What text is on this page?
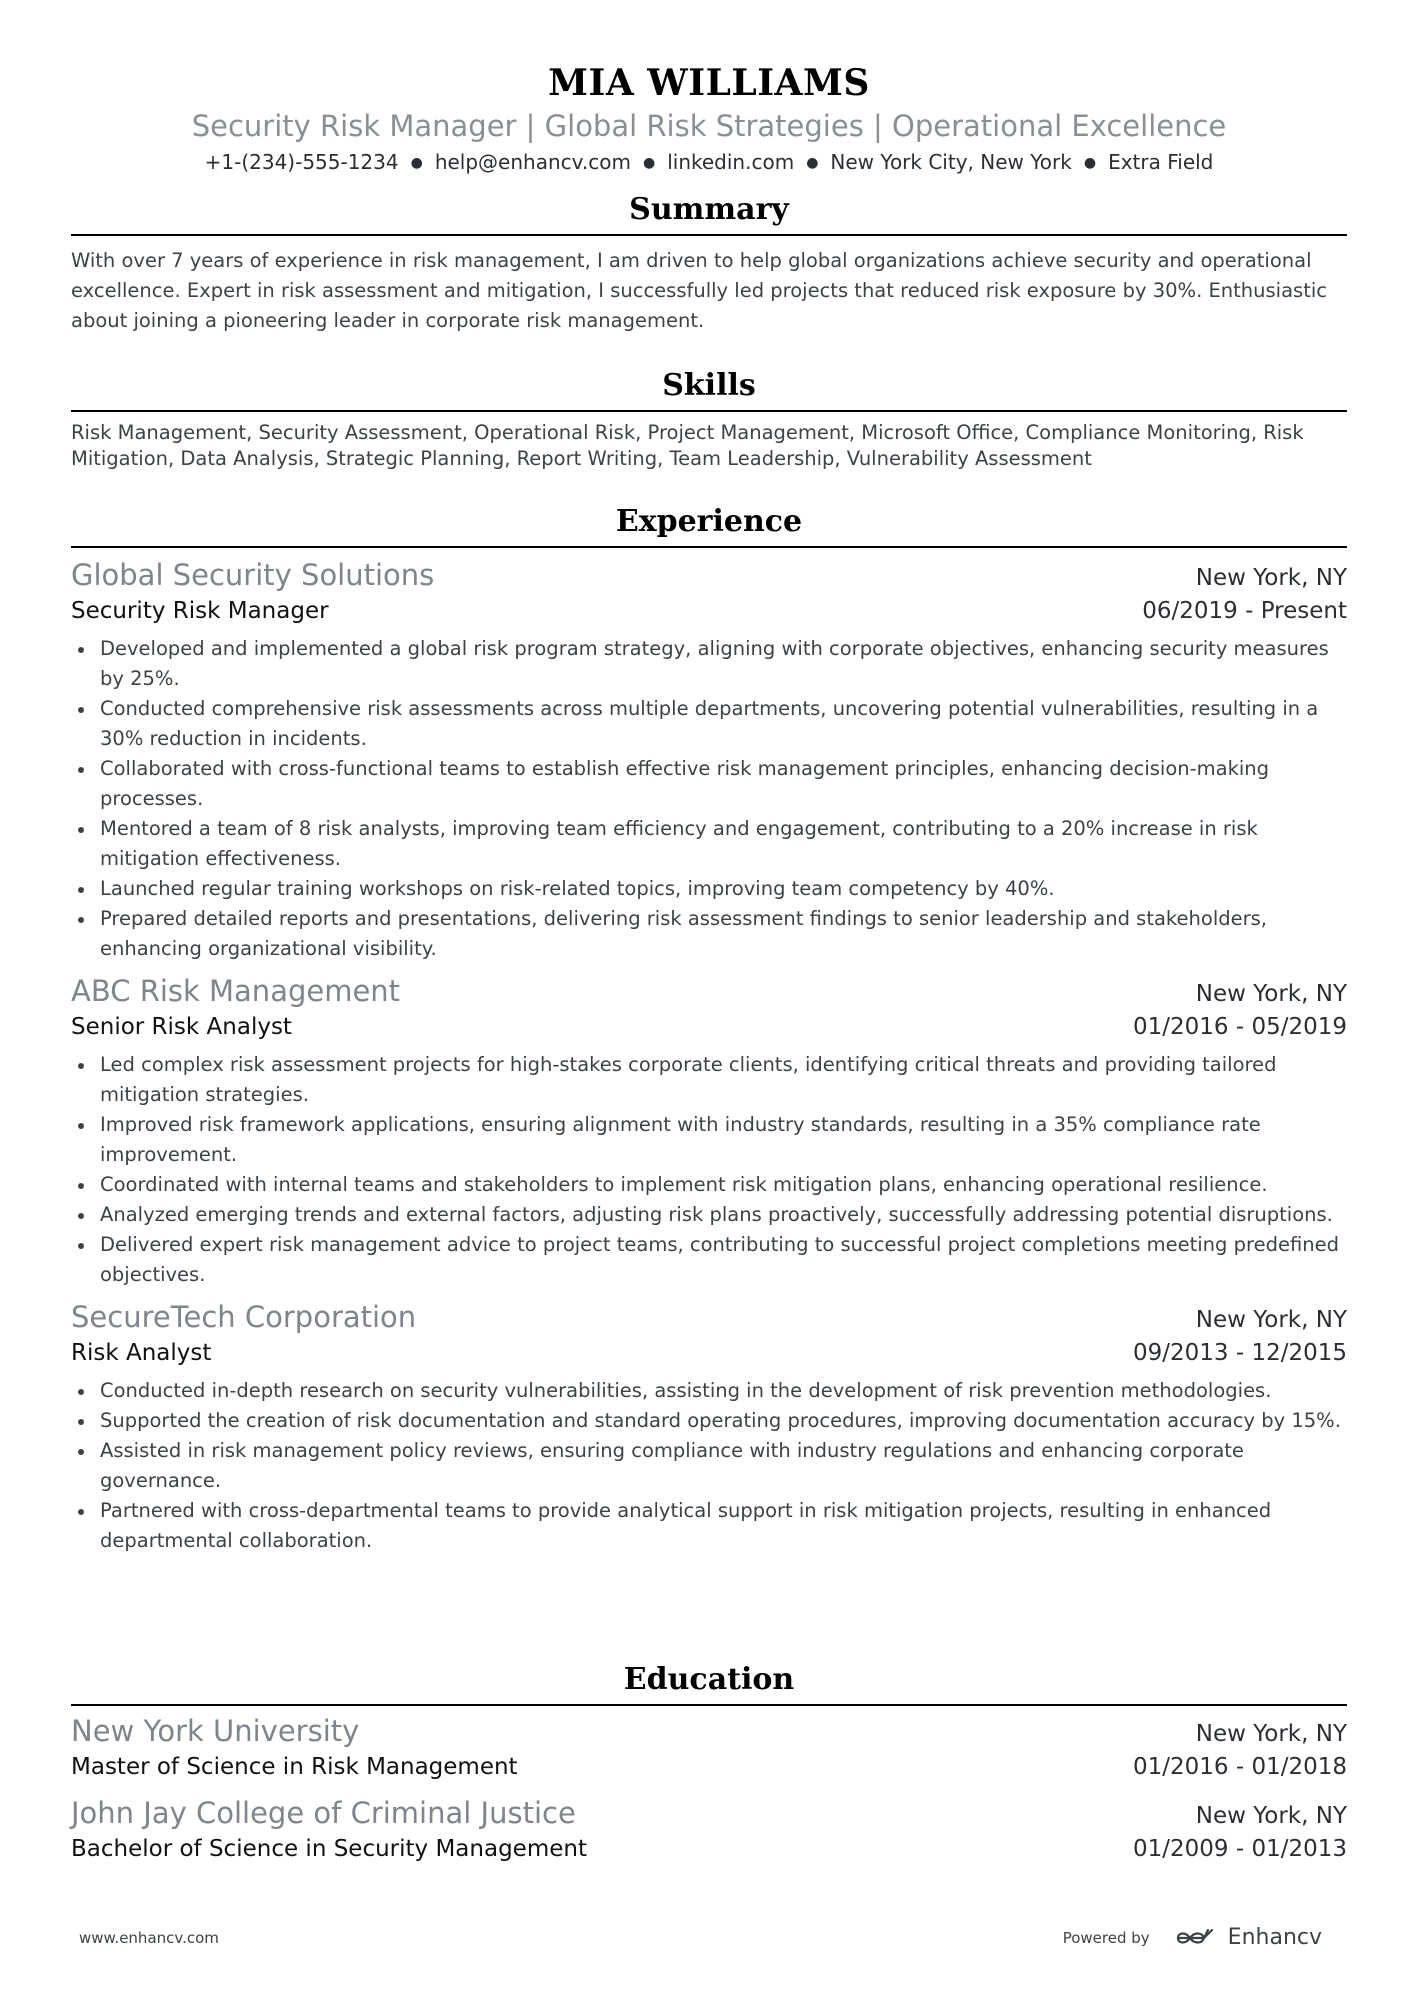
MIA WILLIAMS
Security Risk Manager | Global Risk Strategies | Operational Excellence
+1-(234)-555-1234 ● help@enhancv.com ● linkedin.com ● New York City, New York ● Extra Field
Summary
With over 7 years of experience in risk management, I am driven to help global organizations achieve security and operational excellence. Expert in risk assessment and mitigation, I successfully led projects that reduced risk exposure by 30%. Enthusiastic about joining a pioneering leader in corporate risk management.
Skills
Risk Management, Security Assessment, Operational Risk, Project Management, Microsoft Office, Compliance Monitoring, Risk Mitigation, Data Analysis, Strategic Planning, Report Writing, Team Leadership, Vulnerability Assessment
Experience
Global Security Solutions	New York, NY
Security Risk Manager	06/2019 - Present
Developed and implemented a global risk program strategy, aligning with corporate objectives, enhancing security measures by 25%.
Conducted comprehensive risk assessments across multiple departments, uncovering potential vulnerabilities, resulting in a 30% reduction in incidents.
Collaborated with cross-functional teams to establish effective risk management principles, enhancing decision-making processes.
Mentored a team of 8 risk analysts, improving team efficiency and engagement, contributing to a 20% increase in risk mitigation effectiveness.
Launched regular training workshops on risk-related topics, improving team competency by 40%.
Prepared detailed reports and presentations, delivering risk assessment findings to senior leadership and stakeholders, enhancing organizational visibility.
ABC Risk Management	New York, NY
Senior Risk Analyst	01/2016 - 05/2019
Led complex risk assessment projects for high-stakes corporate clients, identifying critical threats and providing tailored mitigation strategies.
Improved risk framework applications, ensuring alignment with industry standards, resulting in a 35% compliance rate improvement.
Coordinated with internal teams and stakeholders to implement risk mitigation plans, enhancing operational resilience.
Analyzed emerging trends and external factors, adjusting risk plans proactively, successfully addressing potential disruptions.
Delivered expert risk management advice to project teams, contributing to successful project completions meeting predefined objectives.
SecureTech Corporation	New York, NY
Risk Analyst	09/2013 - 12/2015
Conducted in-depth research on security vulnerabilities, assisting in the development of risk prevention methodologies.
Supported the creation of risk documentation and standard operating procedures, improving documentation accuracy by 15%.
Assisted in risk management policy reviews, ensuring compliance with industry regulations and enhancing corporate governance.
Partnered with cross-departmental teams to provide analytical support in risk mitigation projects, resulting in enhanced departmental collaboration.
Education
New York University	New York, NY
Master of Science in Risk Management	01/2016 - 01/2018
John Jay College of Criminal Justice	New York, NY
Bachelor of Science in Security Management	01/2009 - 01/2013
www.enhancv.com	Powered by	Enhancv
